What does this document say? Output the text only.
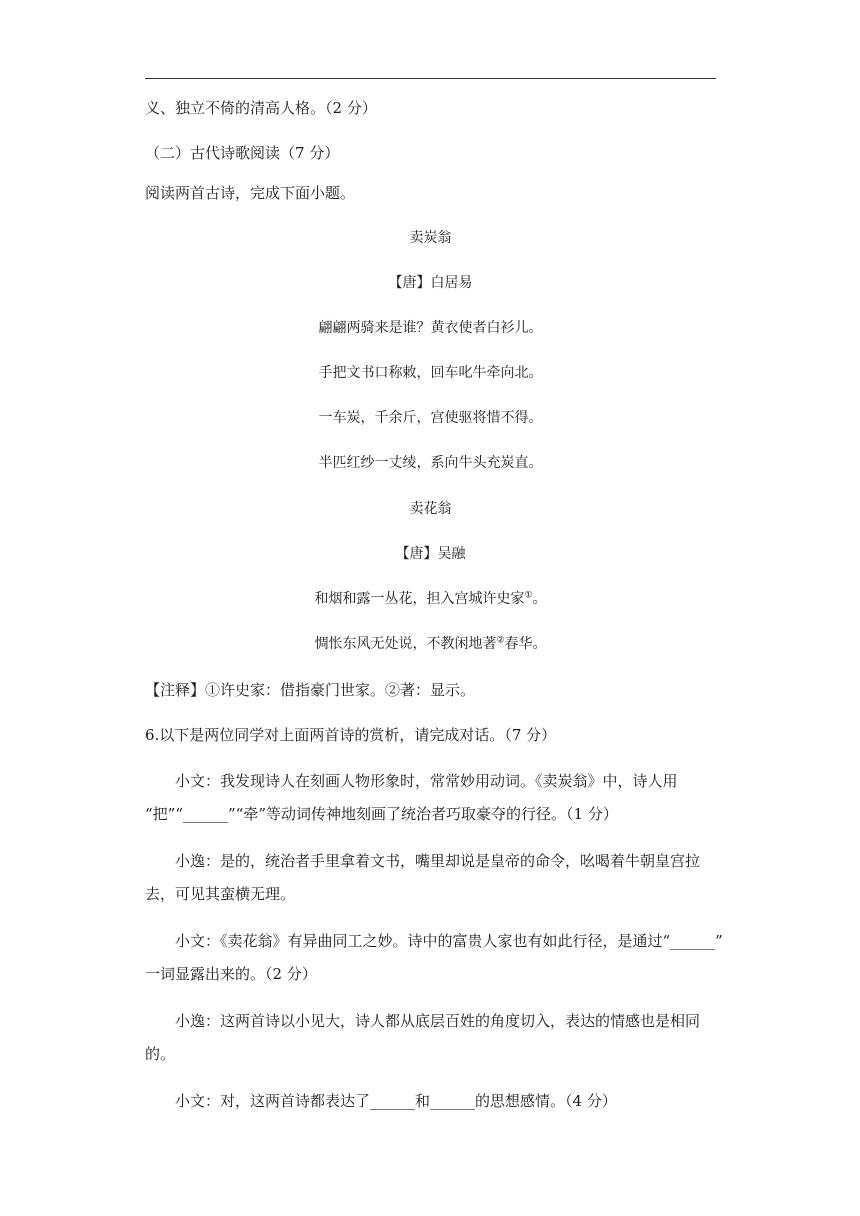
义、独立不倚的清高人格。（2 分）
（二）古代诗歌阅读（7 分）
阅读两首古诗，完成下面小题。
卖炭翁
【唐】白居易
翩翩两骑来是谁？黄衣使者白衫儿。
手把文书口称敕，回车叱牛牵向北。
一车炭，千余斤，宫使驱将惜不得。
半匹红纱一丈绫，系向牛头充炭直。
卖花翁
【唐】吴融
和烟和露一丛花，担入宫城许史家①。
惆怅东风无处说，不教闲地著②春华。
【注释】①许史家：借指豪门世家。②著：显示。
6.以下是两位同学对上面两首诗的赏析，请完成对话。（7 分）
小文：我发现诗人在刻画人物形象时，常常妙用动词。《卖炭翁》中，诗人用
“把”“______”“牵”等动词传神地刻画了统治者巧取豪夺的行径。（1 分）
小逸：是的，统治者手里拿着文书，嘴里却说是皇帝的命令，吆喝着牛朝皇宫拉
去，可见其蛮横无理。
小文：《卖花翁》有异曲同工之妙。诗中的富贵人家也有如此行径，是通过“______”
一词显露出来的。（2 分）
小逸：这两首诗以小见大，诗人都从底层百姓的角度切入，表达的情感也是相同
的。
小文：对，这两首诗都表达了______和______的思想感情。（4 分）
